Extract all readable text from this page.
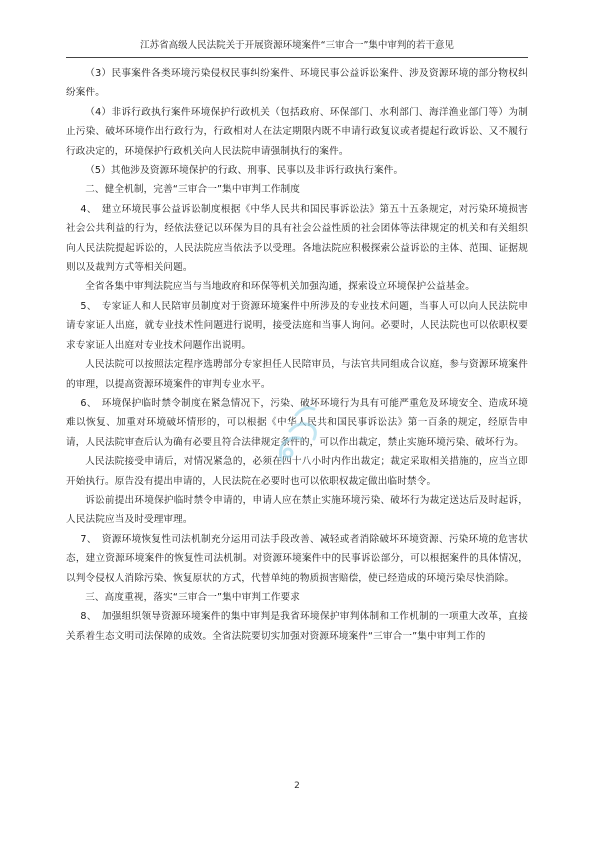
江苏省高级人民法院关于开展资源环境案件“三审合一”集中审判的若干意见

（3）民事案件各类环境污染侵权民事纠纷案件、环境民事公益诉讼案件、涉及资源环境的部分物权纠纷案件。

（4）非诉行政执行案件环境保护行政机关（包括政府、环保部门、水利部门、海洋渔业部门等）为制止污染、破坏环境作出行政行为，行政相对人在法定期限内既不申请行政复议或者提起行政诉讼、又不履行行政决定的，环境保护行政机关向人民法院申请强制执行的案件。

（5）其他涉及资源环境保护的行政、刑事、民事以及非诉行政执行案件。

二、健全机制，完善“三审合一”集中审判工作制度

4、　建立环境民事公益诉讼制度根据《中华人民共和国民事诉讼法》第五十五条规定，对污染环境损害社会公共利益的行为，经依法登记以环保为目的具有社会公益性质的社会团体等法律规定的机关和有关组织向人民法院提起诉讼的，人民法院应当依法予以受理。各地法院应积极探索公益诉讼的主体、范围、证据规则以及裁判方式等相关问题。

全省各集中审判法院应当与当地政府和环保等机关加强沟通，探索设立环境保护公益基金。

5、　专家证人和人民陪审员制度对于资源环境案件中所涉及的专业技术问题，当事人可以向人民法院申请专家证人出庭，就专业技术性问题进行说明，接受法庭和当事人询问。必要时，人民法院也可以依职权要求专家证人出庭对专业技术问题作出说明。

人民法院可以按照法定程序选聘部分专家担任人民陪审员，与法官共同组成合议庭，参与资源环境案件的审理，以提高资源环境案件的审判专业水平。

6、　环境保护临时禁令制度在紧急情况下，污染、破坏环境行为具有可能严重危及环境安全、造成环境难以恢复、加重对环境破坏情形的，可以根据《中华人民共和国民事诉讼法》第一百条的规定，经原告申请，人民法院审查后认为确有必要且符合法律规定条件的，可以作出裁定，禁止实施环境污染、破坏行为。

人民法院接受申请后，对情况紧急的，必须在四十八小时内作出裁定；裁定采取相关措施的，应当立即开始执行。原告没有提出申请的，人民法院在必要时也可以依职权裁定做出临时禁令。

诉讼前提出环境保护临时禁令申请的，申请人应在禁止实施环境污染、破坏行为裁定送达后及时起诉，人民法院应当及时受理审理。

7、　资源环境恢复性司法机制充分运用司法手段改善、减轻或者消除破坏环境资源、污染环境的危害状态，建立资源环境案件的恢复性司法机制。对资源环境案件中的民事诉讼部分，可以根据案件的具体情况，以判令侵权人消除污染、恢复原状的方式，代替单纯的物质损害赔偿，使已经造成的环境污染尽快消除。

三、高度重视，落实“三审合一”集中审判工作要求

8、　加强组织领导资源环境案件的集中审判是我省环境保护审判体制和工作机制的一项重大改革，直接关系着生态文明司法保障的成效。全省法院要切实加强对资源环境案件“三审合一”集中审判工作的

2
